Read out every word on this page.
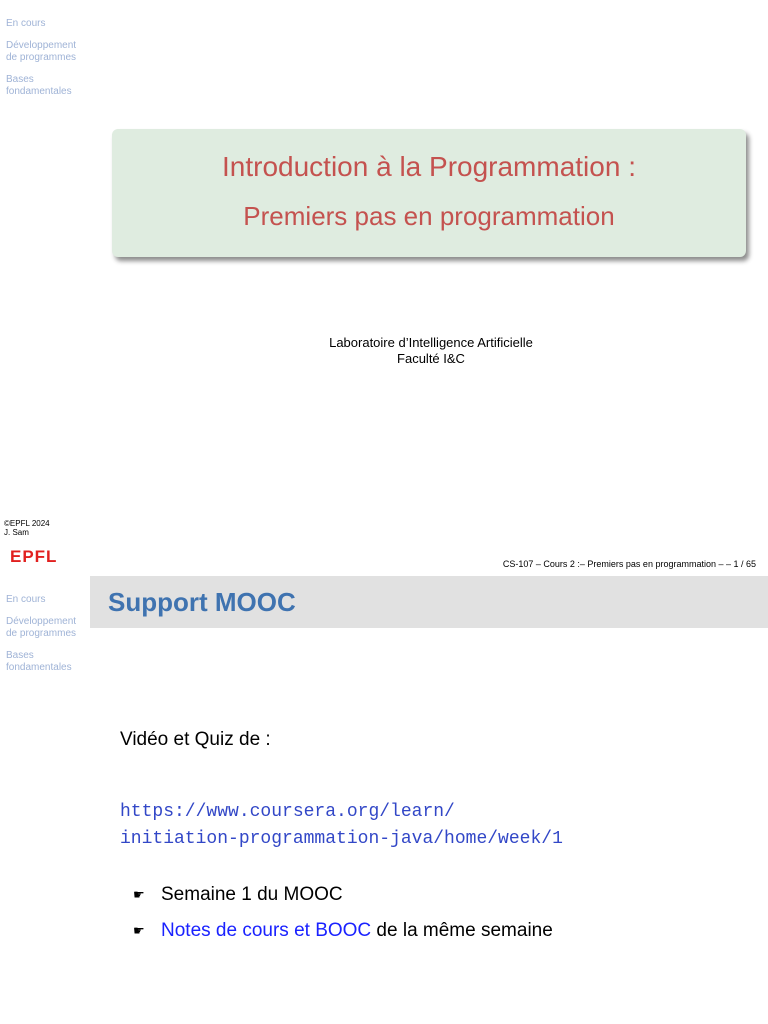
En cours
Développement de programmes
Bases fondamentales
Introduction à la Programmation :
Premiers pas en programmation
Laboratoire d’Intelligence Artificielle
Faculté I&C
©EPFL 2024
J. Sam
EPFL	CS-107 – Cours 2 :– Premiers pas en programmation – – 1 / 65
Support MOOC
En cours
Développement de programmes
Bases fondamentales
Vidéo et Quiz de :
https://www.coursera.org/learn/
initiation-programmation-java/home/week/1
☛ Semaine 1 du MOOC
☛ Notes de cours et BOOC de la même semaine
